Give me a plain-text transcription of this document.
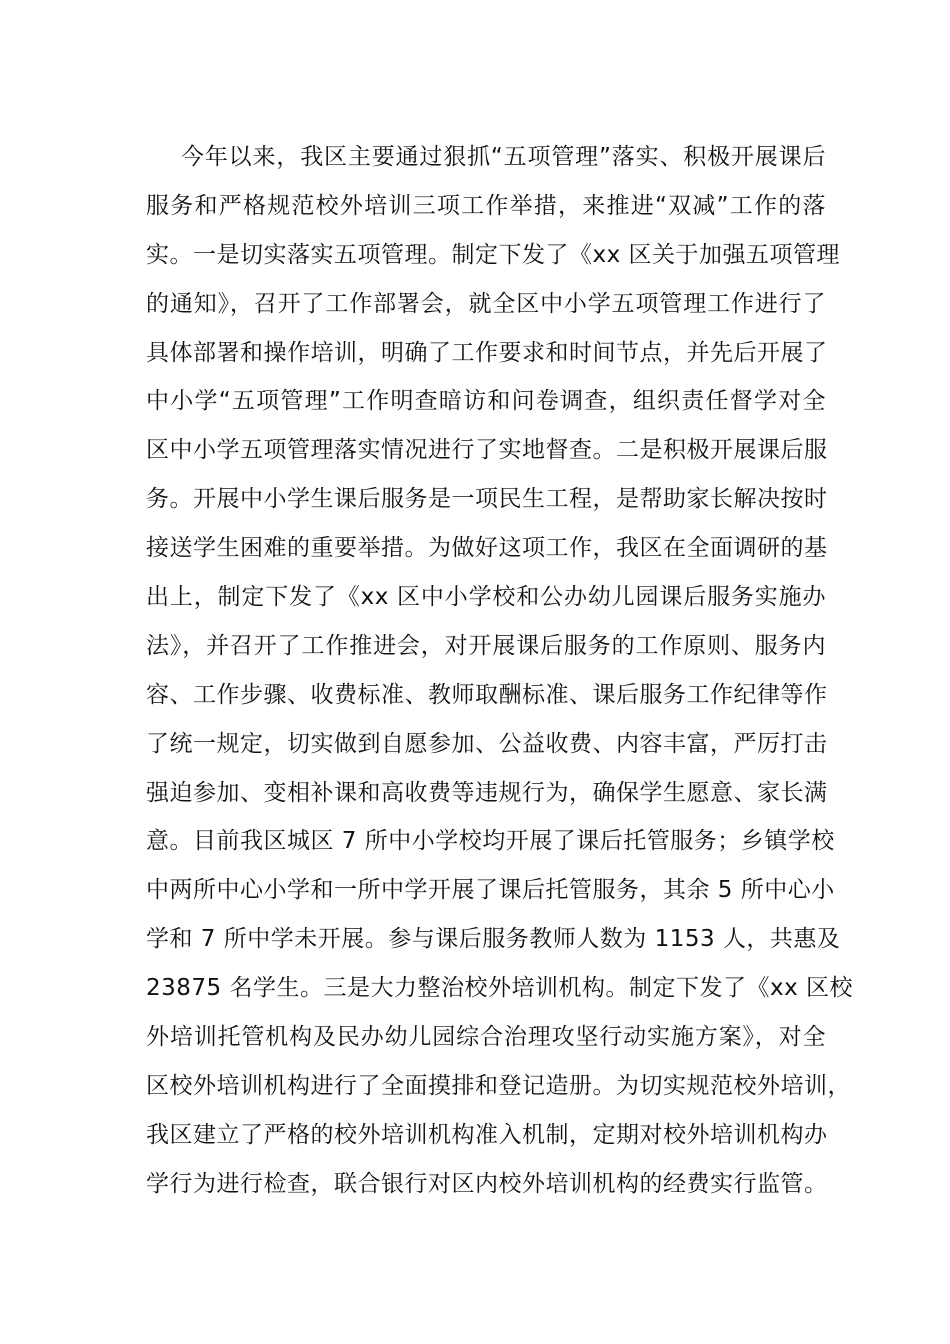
今年以来，我区主要通过狠抓“五项管理”落实、积极开展课后
服务和严格规范校外培训三项工作举措，来推进“双减”工作的落
实。一是切实落实五项管理。制定下发了《xx 区关于加强五项管理
的通知》，召开了工作部署会，就全区中小学五项管理工作进行了
具体部署和操作培训，明确了工作要求和时间节点，并先后开展了
中小学“五项管理”工作明查暗访和问卷调查，组织责任督学对全
区中小学五项管理落实情况进行了实地督查。二是积极开展课后服
务。开展中小学生课后服务是一项民生工程，是帮助家长解决按时
接送学生困难的重要举措。为做好这项工作，我区在全面调研的基
出上，制定下发了《xx 区中小学校和公办幼儿园课后服务实施办
法》，并召开了工作推进会，对开展课后服务的工作原则、服务内
容、工作步骤、收费标准、教师取酬标准、课后服务工作纪律等作
了统一规定，切实做到自愿参加、公益收费、内容丰富，严厉打击
强迫参加、变相补课和高收费等违规行为，确保学生愿意、家长满
意。目前我区城区 7 所中小学校均开展了课后托管服务；乡镇学校
中两所中心小学和一所中学开展了课后托管服务，其余 5 所中心小
学和 7 所中学未开展。参与课后服务教师人数为 1153 人，共惠及
23875 名学生。三是大力整治校外培训机构。制定下发了《xx 区校
外培训托管机构及民办幼儿园综合治理攻坚行动实施方案》，对全
区校外培训机构进行了全面摸排和登记造册。为切实规范校外培训，
我区建立了严格的校外培训机构准入机制，定期对校外培训机构办
学行为进行检查，联合银行对区内校外培训机构的经费实行监管。
